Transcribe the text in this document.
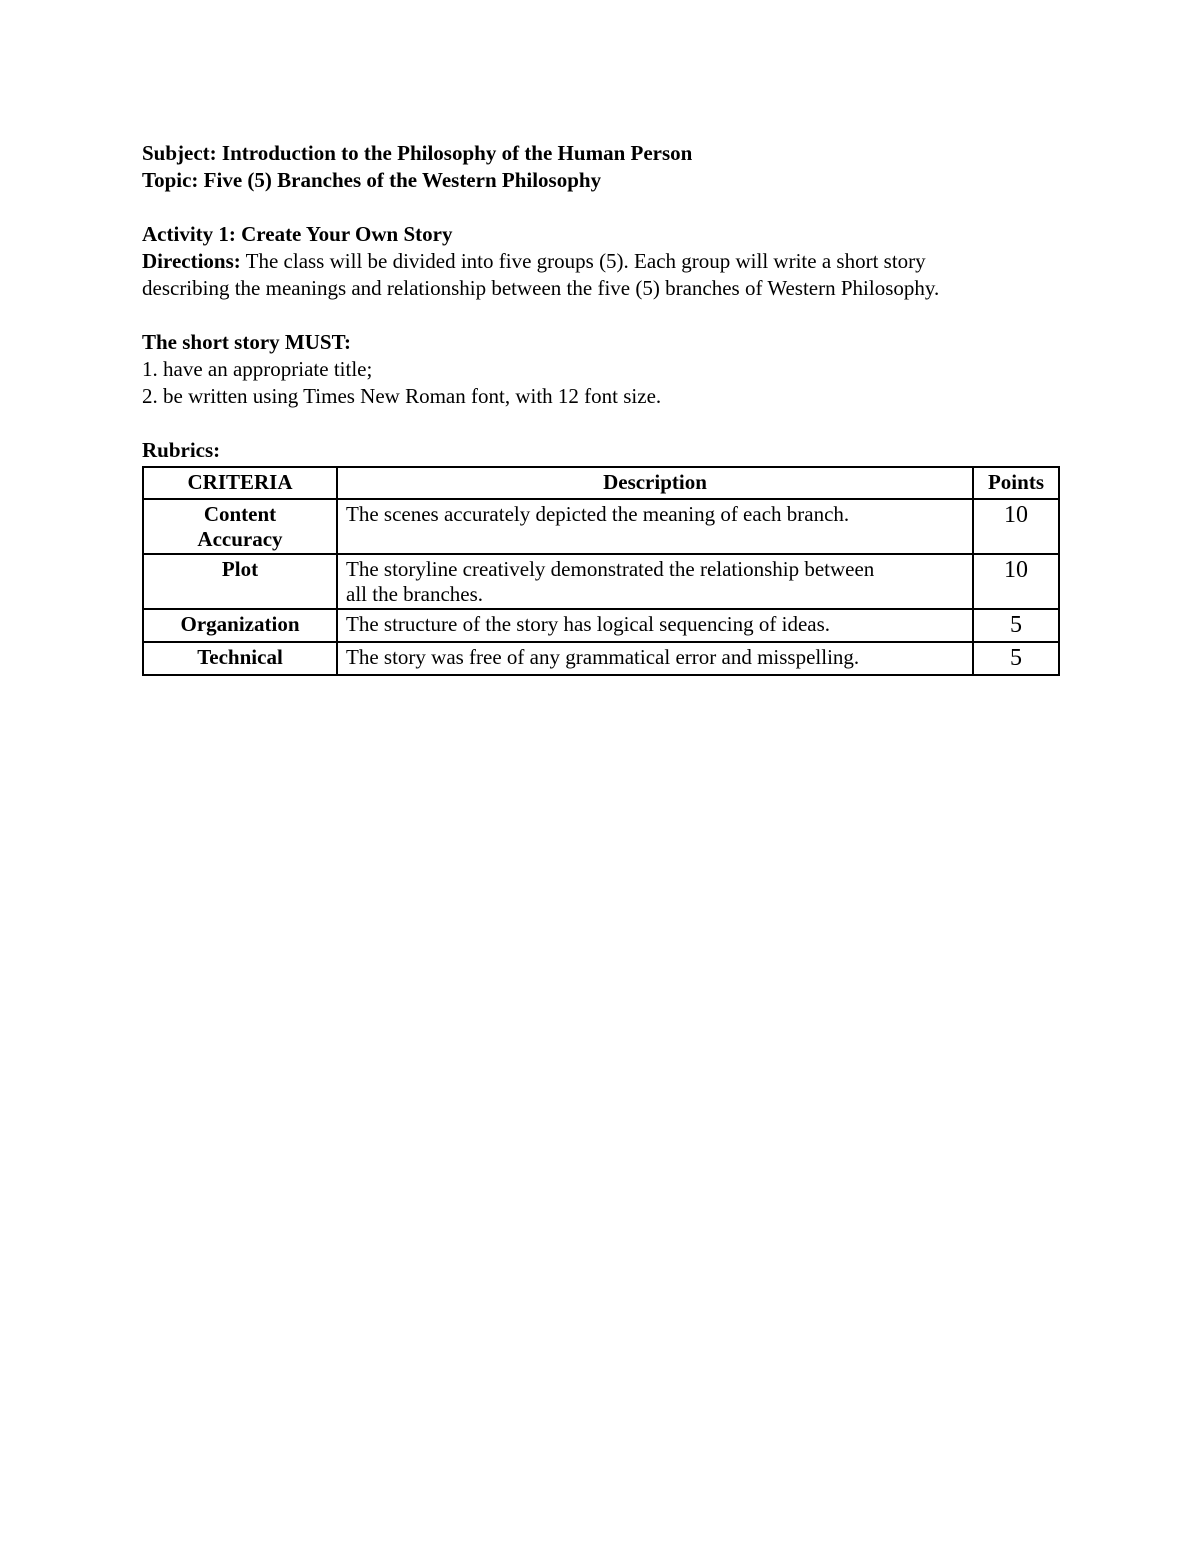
Subject: Introduction to the Philosophy of the Human Person
Topic: Five (5) Branches of the Western Philosophy
Activity 1: Create Your Own Story
Directions: The class will be divided into five groups (5). Each group will write a short story
describing the meanings and relationship between the five (5) branches of Western Philosophy.
The short story MUST:
1. have an appropriate title;
2. be written using Times New Roman font, with 12 font size.
Rubrics:
CRITERIA	Description	Points

Content
Accuracy	The scenes accurately depicted the meaning of each branch.	10

Plot	The storyline creatively demonstrated the relationship between
all the branches.	10
Organization	The structure of the story has logical sequencing of ideas.	5
Technical	The story was free of any grammatical error and misspelling.	5
